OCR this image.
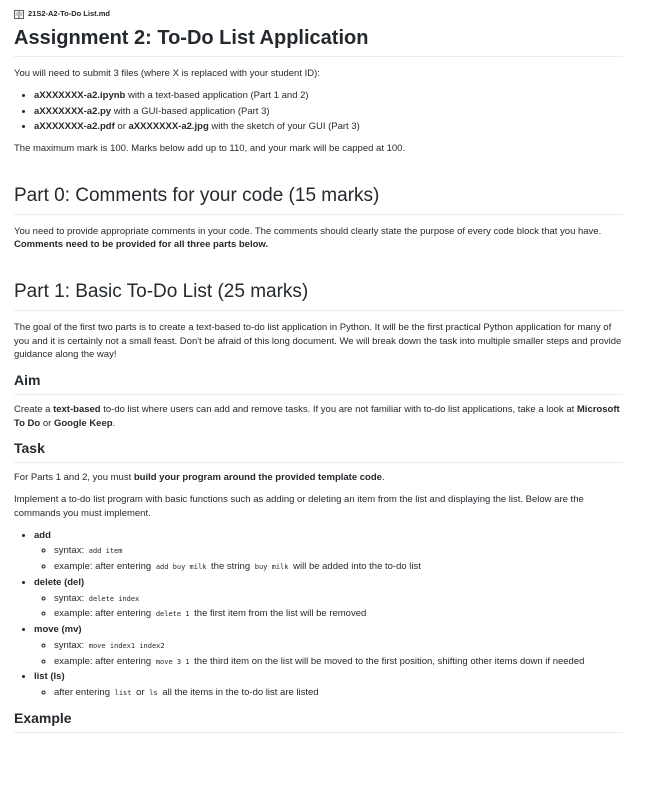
21S2-A2-To-Do List.md
Assignment 2: To-Do List Application

You will need to submit 3 files (where X is replaced with your student ID):

• aXXXXXXX-a2.ipynb with a text-based application (Part 1 and 2)
• aXXXXXXX-a2.py with a GUI-based application (Part 3)
• aXXXXXXX-a2.pdf or aXXXXXXX-a2.jpg with the sketch of your GUI (Part 3)

The maximum mark is 100. Marks below add up to 110, and your mark will be capped at 100.

Part 0: Comments for your code (15 marks)

You need to provide appropriate comments in your code. The comments should clearly state the purpose of every code block that you have. Comments need to be provided for all three parts below.

Part 1: Basic To-Do List (25 marks)

The goal of the first two parts is to create a text-based to-do list application in Python. It will be the first practical Python application for many of you and it is certainly not a small feast. Don't be afraid of this long document. We will break down the task into multiple smaller steps and provide guidance along the way!

Aim

Create a text-based to-do list where users can add and remove tasks. If you are not familiar with to-do list applications, take a look at Microsoft To Do or Google Keep.

Task

For Parts 1 and 2, you must build your program around the provided template code.

Implement a to-do list program with basic functions such as adding or deleting an item from the list and displaying the list. Below are the commands you must implement.

• add
◦ syntax: add item
◦ example: after entering add buy milk the string buy milk will be added into the to-do list
• delete (del)
◦ syntax: delete index
◦ example: after entering delete 1 the first item from the list will be removed
• move (mv)
◦ syntax: move index1 index2
◦ example: after entering move 3 1 the third item on the list will be moved to the first position, shifting other items down if needed
• list (ls)
◦ after entering list or ls all the items in the to-do list are listed
Example
